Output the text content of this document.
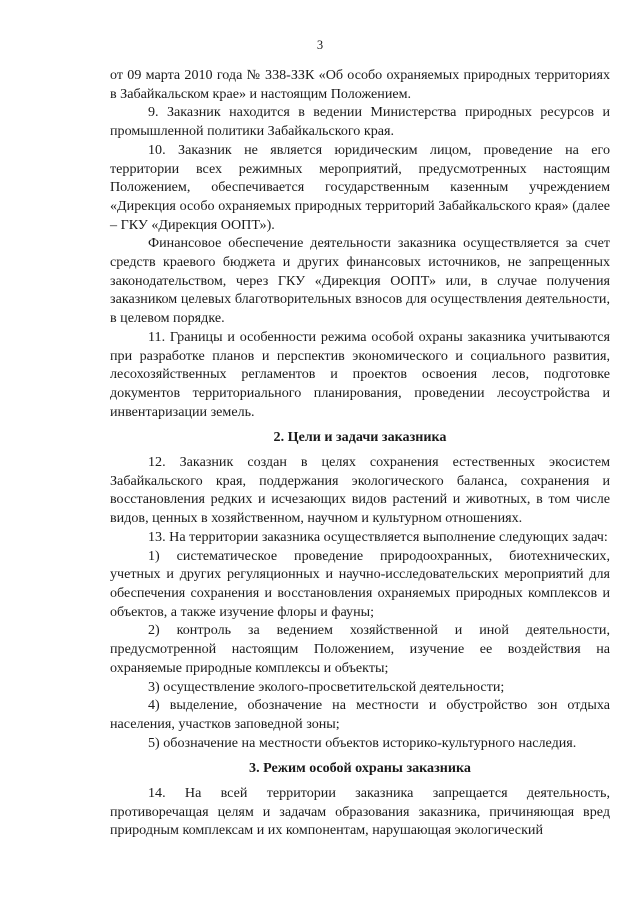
3

от 09 марта 2010 года № 338-ЗЗК «Об особо охраняемых природных территориях в Забайкальском крае» и настоящим Положением.

9. Заказник находится в ведении Министерства природных ресурсов и промышленной политики Забайкальского края.

10. Заказник не является юридическим лицом, проведение на его территории всех режимных мероприятий, предусмотренных настоящим Положением, обеспечивается государственным казенным учреждением «Дирекция особо охраняемых природных территорий Забайкальского края» (далее – ГКУ «Дирекция ООПТ»).

Финансовое обеспечение деятельности заказника осуществляется за счет средств краевого бюджета и других финансовых источников, не запрещенных законодательством, через ГКУ «Дирекция ООПТ» или, в случае получения заказником целевых благотворительных взносов для осуществления деятельности, в целевом порядке.

11. Границы и особенности режима особой охраны заказника учитываются при разработке планов и перспектив экономического и социального развития, лесохозяйственных регламентов и проектов освоения лесов, подготовке документов территориального планирования, проведении лесоустройства и инвентаризации земель.

2. Цели и задачи заказника

12. Заказник создан в целях сохранения естественных экосистем Забайкальского края, поддержания экологического баланса, сохранения и восстановления редких и исчезающих видов растений и животных, в том числе видов, ценных в хозяйственном, научном и культурном отношениях.

13. На территории заказника осуществляется выполнение следующих задач:

1) систематическое проведение природоохранных, биотехнических, учетных и других регуляционных и научно-исследовательских мероприятий для обеспечения сохранения и восстановления охраняемых природных комплексов и объектов, а также изучение флоры и фауны;

2) контроль за ведением хозяйственной и иной деятельности, предусмотренной настоящим Положением, изучение ее воздействия на охраняемые природные комплексы и объекты;

3) осуществление эколого-просветительской деятельности;

4) выделение, обозначение на местности и обустройство зон отдыха населения, участков заповедной зоны;

5) обозначение на местности объектов историко-культурного наследия.

3. Режим особой охраны заказника

14. На всей территории заказника запрещается деятельность, противоречащая целям и задачам образования заказника, причиняющая вред природным комплексам и их компонентам, нарушающая экологический
